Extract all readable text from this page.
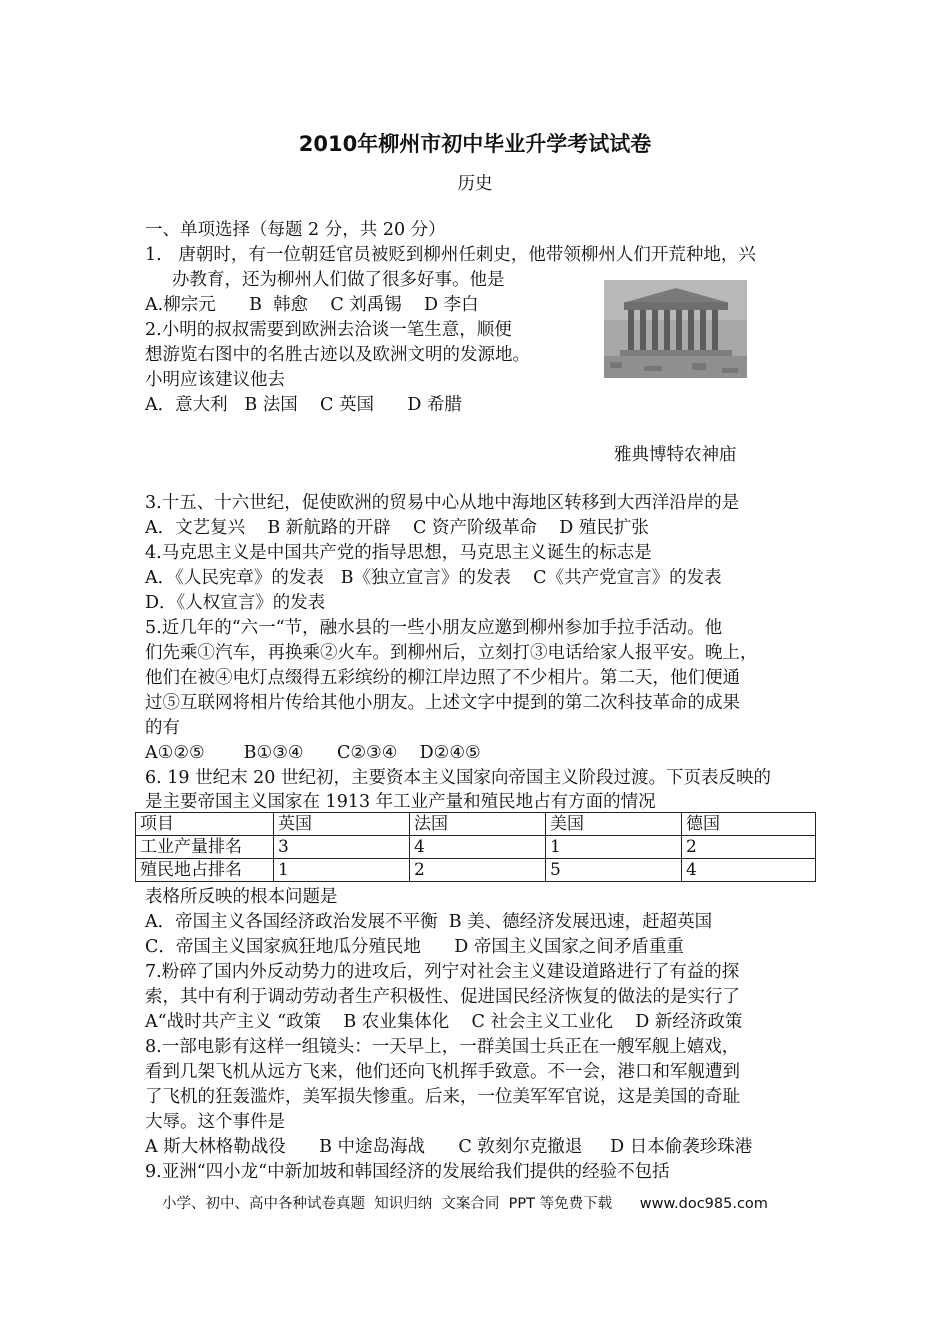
2010年柳州市初中毕业升学考试试卷
历史
一、单项选择（每题 2 分，共 20 分）
1.   唐朝时，有一位朝廷官员被贬到柳州任刺史，他带领柳州人们开荒种地，兴
办教育，还为柳州人们做了很多好事。他是
A.柳宗元      B  韩愈    C 刘禹锡    D 李白
2.小明的叔叔需要到欧洲去洽谈一笔生意，顺便
想游览右图中的名胜古迹以及欧洲文明的发源地。
小明应该建议他去
A．意大利   B 法国    C 英国      D 希腊
3.十五、十六世纪，促使欧洲的贸易中心从地中海地区转移到大西洋沿岸的是
A．文艺复兴    B 新航路的开辟    C 资产阶级革命    D 殖民扩张
4.马克思主义是中国共产党的指导思想，马克思主义诞生的标志是
A．《人民宪章》的发表   B《独立宣言》的发表    C《共产党宣言》的发表
D．《人权宣言》的发表
5.近几年的“六一“节，融水县的一些小朋友应邀到柳州参加手拉手活动。他
们先乘①汽车，再换乘②火车。到柳州后，立刻打③电话给家人报平安。晚上，
他们在被④电灯点缀得五彩缤纷的柳江岸边照了不少相片。第二天，他们便通
过⑤互联网将相片传给其他小朋友。上述文字中提到的第二次科技革命的成果
的有
A①②⑤       B①③④      C②③④    D②④⑤
6. 19 世纪末 20 世纪初，主要资本主义国家向帝国主义阶段过渡。下页表反映的
是主要帝国主义国家在 1913 年工业产量和殖民地占有方面的情况
表格所反映的根本问题是
A．帝国主义各国经济政治发展不平衡  B 美、德经济发展迅速，赶超英国
C．帝国主义国家疯狂地瓜分殖民地      D 帝国主义国家之间矛盾重重
7.粉碎了国内外反动势力的进攻后，列宁对社会主义建设道路进行了有益的探
索，其中有利于调动劳动者生产积极性、促进国民经济恢复的做法的是实行了
A“战时共产主义 “政策    B 农业集体化    C 社会主义工业化    D 新经济政策
8.一部电影有这样一组镜头：一天早上，一群美国士兵正在一艘军舰上嬉戏，
看到几架飞机从远方飞来，他们还向飞机挥手致意。不一会，港口和军舰遭到
了飞机的狂轰滥炸，美军损失惨重。后来，一位美军军官说，这是美国的奇耻
大辱。这个事件是
A 斯大林格勒战役      B 中途岛海战      C 敦刻尔克撤退     D 日本偷袭珍珠港
9.亚洲“四小龙“中新加坡和韩国经济的发展给我们提供的经验不包括
雅典博特农神庙
项目	英国	法国	美国	德国
工业产量排名	3	4	1	2
殖民地占排名	1	2	5	4
小学、初中、高中各种试卷真题  知识归纳  文案合同  PPT 等免费下载      www.doc985.com
